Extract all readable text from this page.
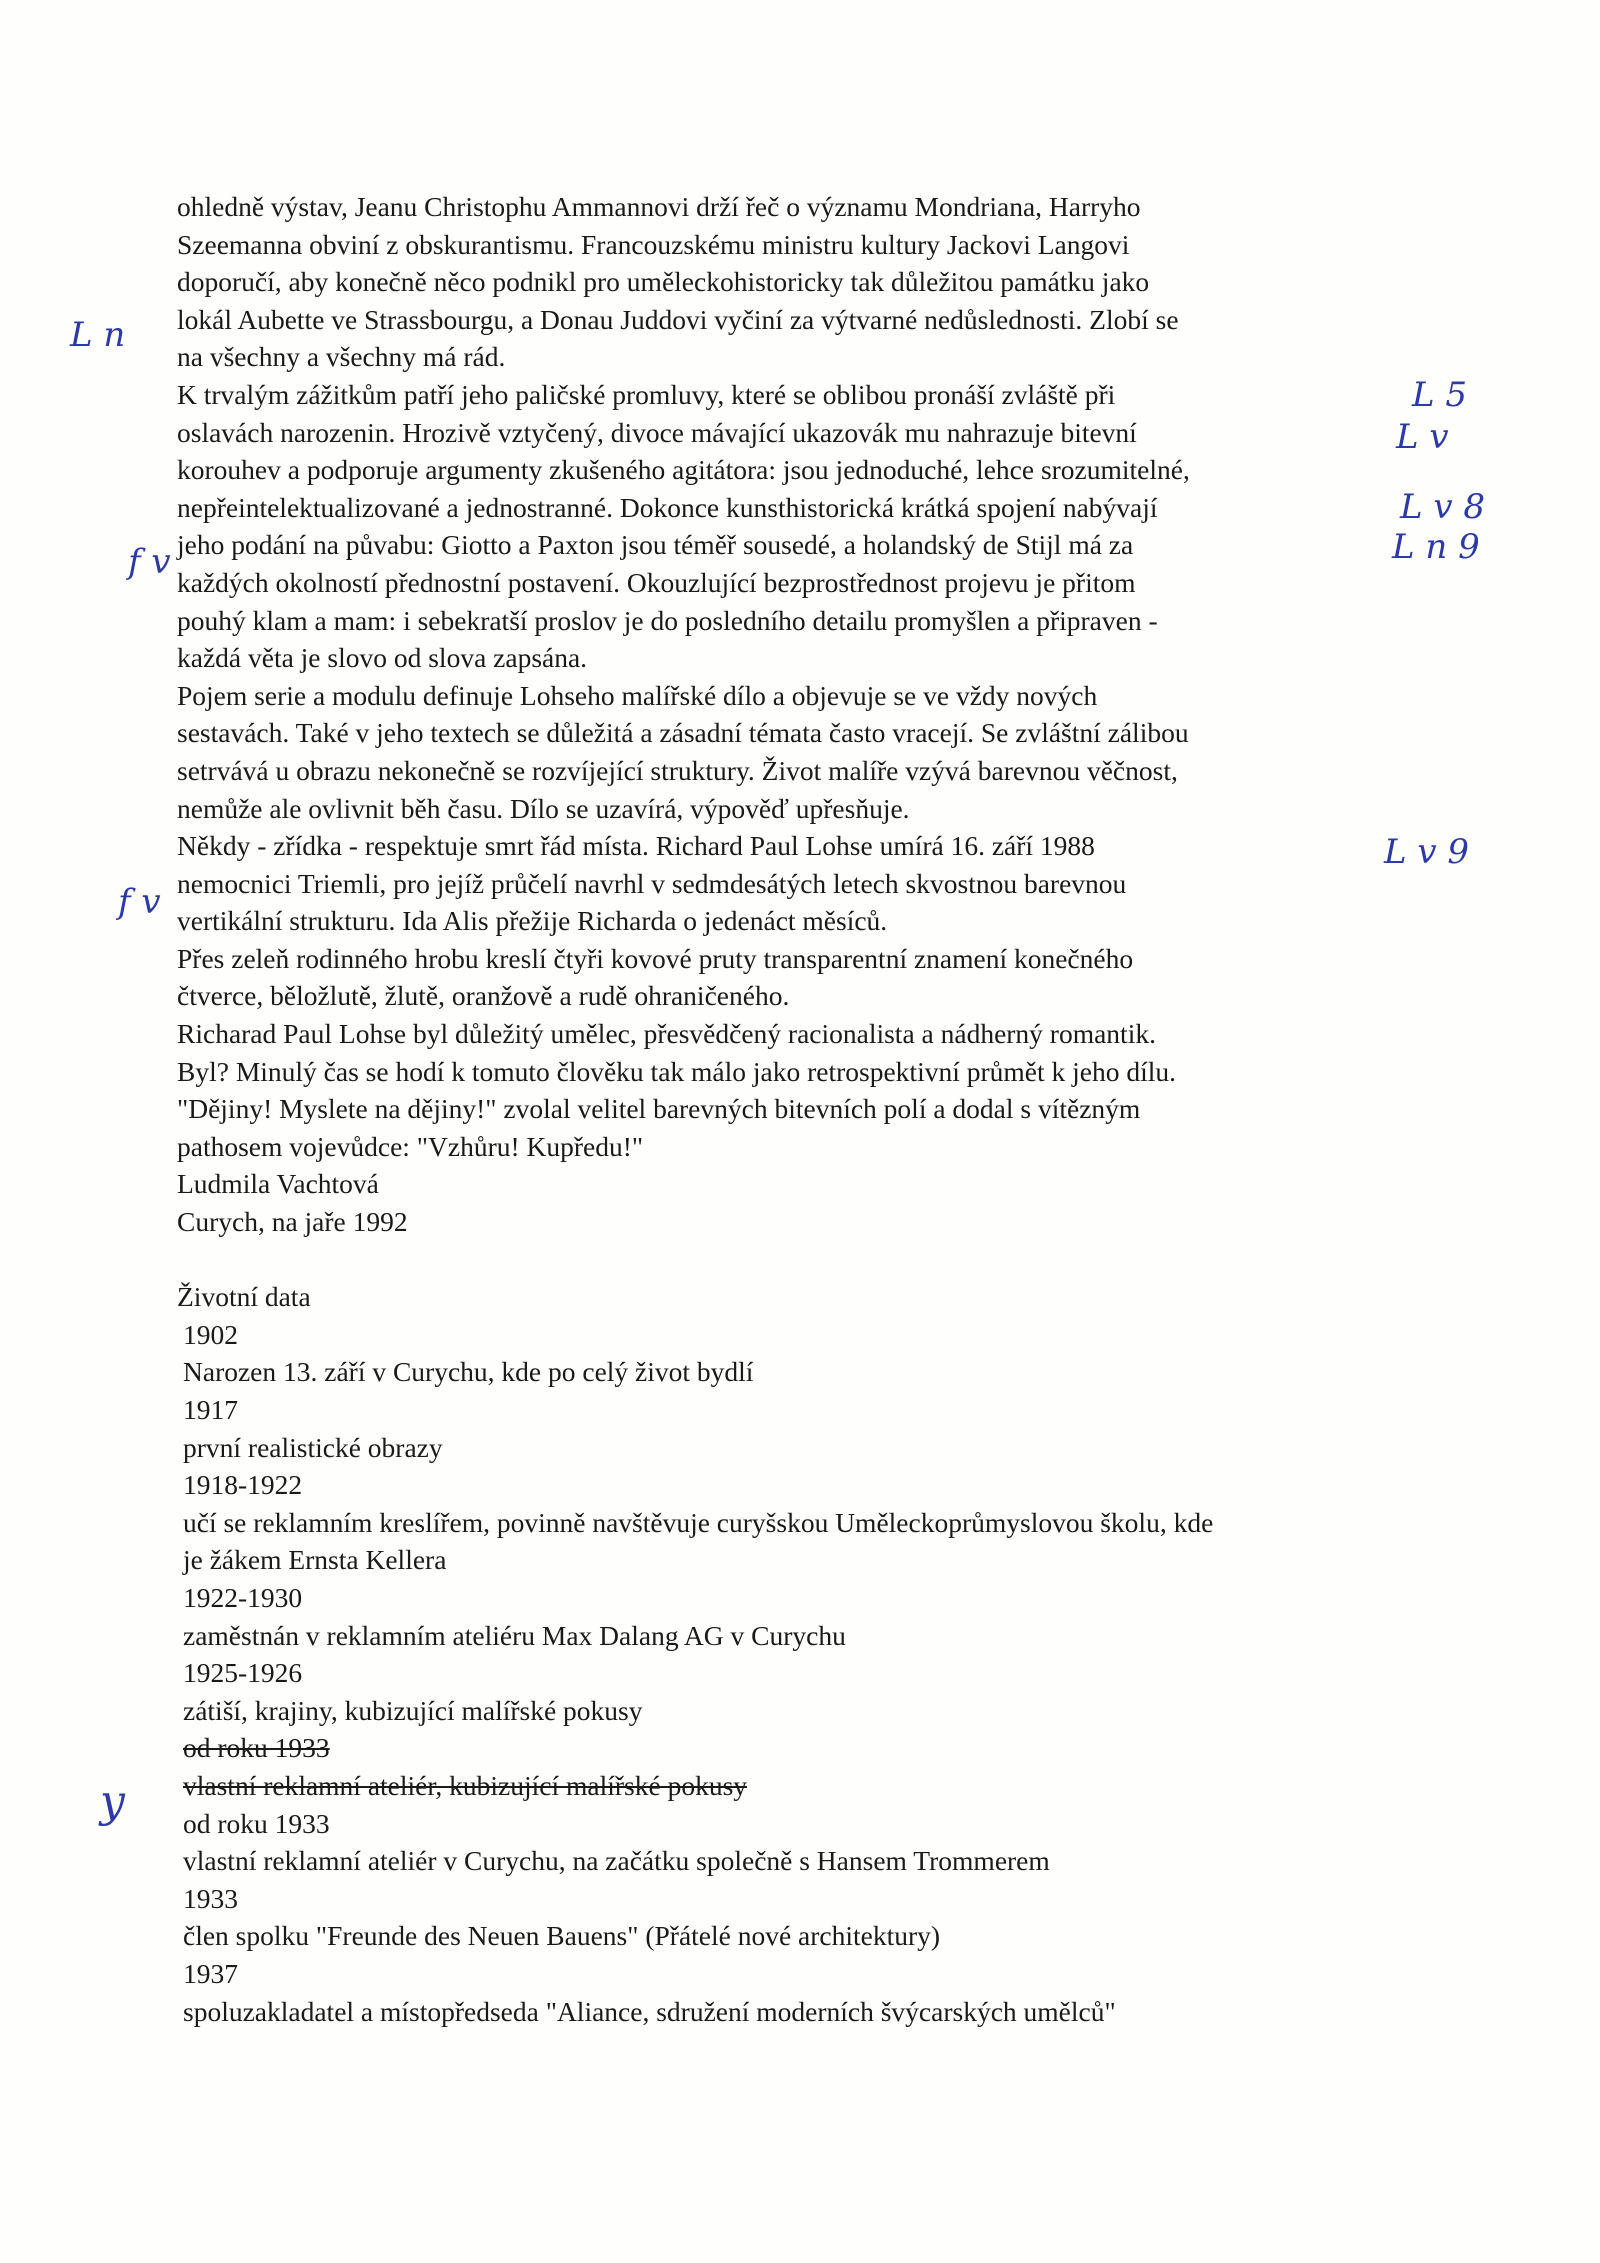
ohledně výstav, Jeanu Christophu Ammannovi drží řeč o významu Mondriana, Harryho
Szeemanna obviní z obskurantismu. Francouzskému ministru kultury Jackovi Langovi
doporučí, aby konečně něco podnikl pro uměleckohistoricky tak důležitou památku jako
lokál Aubette ve Strassbourgu, a Donau Juddovi vyčiní za výtvarné nedůslednosti. Zlobí se
na všechny a všechny má rád.
K trvalým zážitkům patří jeho paličské promluvy, které se oblibou pronáší zvláště při
oslavách narozenin. Hrozivě vztyčený, divoce mávající ukazovák mu nahrazuje bitevní
korouhev a podporuje argumenty zkušeného agitátora: jsou jednoduché, lehce srozumitelné,
nepřeintelektualizované a jednostranné. Dokonce kunsthistorická krátká spojení nabývají
jeho podání na půvabu: Giotto a Paxton jsou téměř sousedé, a holandský de Stijl má za
každých okolností přednostní postavení. Okouzlující bezprostřednost projevu je přitom
pouhý klam a mam: i sebekratší proslov je do posledního detailu promyšlen a připraven -
každá věta je slovo od slova zapsána.
Pojem serie a modulu definuje Lohseho malířské dílo a objevuje se ve vždy nových
sestavách. Také v jeho textech se důležitá a zásadní témata často vracejí. Se zvláštní zálibou
setrvává u obrazu nekonečně se rozvíjející struktury. Život malíře vzývá barevnou věčnost,
nemůže ale ovlivnit běh času. Dílo se uzavírá, výpověď upřesňuje.
Někdy - zřídka - respektuje smrt řád místa. Richard Paul Lohse umírá 16. září 1988
nemocnici Triemli, pro jejíž průčelí navrhl v sedmdesátých letech skvostnou barevnou
vertikální strukturu. Ida Alis přežije Richarda o jedenáct měsíců.
Přes zeleň rodinného hrobu kreslí čtyři kovové pruty transparentní znamení konečného
čtverce, běložlutě, žlutě, oranžově a rudě ohraničeného.
Richarad Paul Lohse byl důležitý umělec, přesvědčený racionalista a nádherný romantik.
Byl? Minulý čas se hodí k tomuto člověku tak málo jako retrospektivní průmět k jeho dílu.
"Dějiny! Myslete na dějiny!" zvolal velitel barevných bitevních polí a dodal s vítězným
pathosem vojevůdce: "Vzhůru! Kupředu!"
Ludmila Vachtová
Curych, na jaře 1992
Životní data
1902
Narozen 13. září v Curychu, kde po celý život bydlí
1917
první realistické obrazy
1918-1922
učí se reklamním kreslířem, povinně navštěvuje curyšskou Uměleckoprůmyslovou školu, kde
je žákem Ernsta Kellera
1922-1930
zaměstnán v reklamním ateliéru Max Dalang AG v Curychu
1925-1926
zátiší, krajiny, kubizující malířské pokusy
od roku 1933
vlastní reklamní ateliér, kubizující malířské pokusy
od roku 1933
vlastní reklamní ateliér v Curychu, na začátku společně s Hansem Trommerem
1933
člen spolku "Freunde des Neuen Bauens" (Přátelé nové architektury)
1937
spoluzakladatel a místopředseda "Aliance, sdružení moderních švýcarských umělců"
L n
L 5
L v
L v 8
L n 9
f v
L v 9
f v
y
